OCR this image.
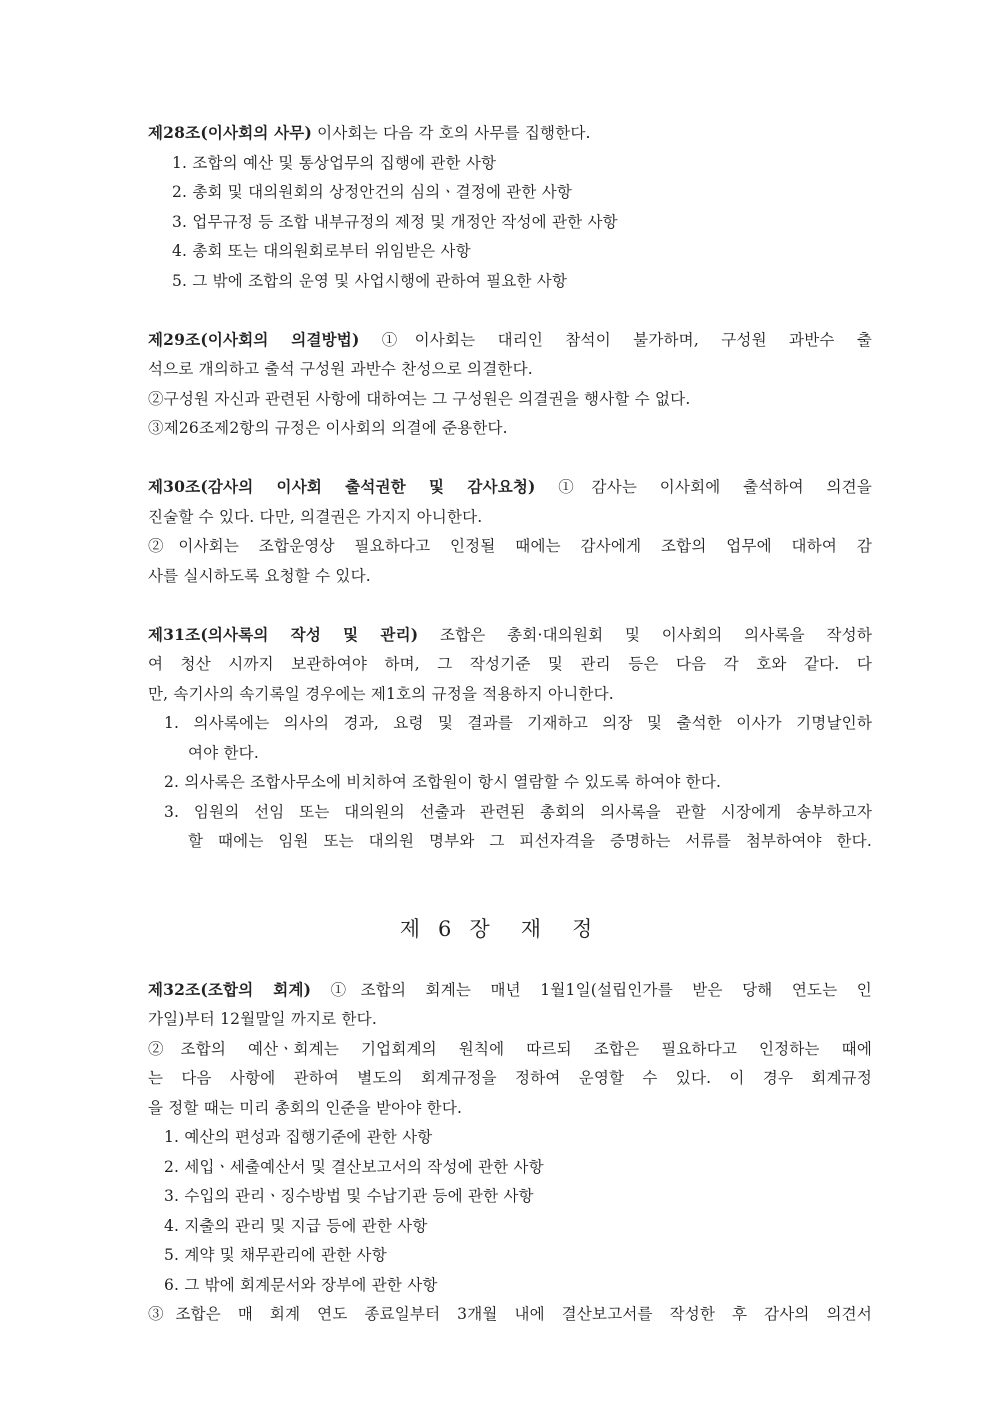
제28조(이사회의 사무) 이사회는 다음 각 호의 사무를 집행한다.
1. 조합의 예산 및 통상업무의 집행에 관한 사항
2. 총회 및 대의원회의 상정안건의 심의ㆍ결정에 관한 사항
3. 업무규정 등 조합 내부규정의 제정 및 개정안 작성에 관한 사항
4. 총회 또는 대의원회로부터 위임받은 사항
5. 그 밖에 조합의 운영 및 사업시행에 관하여 필요한 사항
제29조(이사회의 의결방법) ①이사회는 대리인 참석이 불가하며, 구성원 과반수 출
석으로 개의하고 출석 구성원 과반수 찬성으로 의결한다.
②구성원 자신과 관련된 사항에 대하여는 그 구성원은 의결권을 행사할 수 없다.
③제26조제2항의 규정은 이사회의 의결에 준용한다.
제30조(감사의 이사회 출석권한 및 감사요청) ①감사는 이사회에 출석하여 의견을
진술할 수 있다. 다만, 의결권은 가지지 아니한다.
②이사회는 조합운영상 필요하다고 인정될 때에는 감사에게 조합의 업무에 대하여 감
사를 실시하도록 요청할 수 있다.
제31조(의사록의 작성 및 관리) 조합은 총회·대의원회 및 이사회의 의사록을 작성하
여 청산 시까지 보관하여야 하며, 그 작성기준 및 관리 등은 다음 각 호와 같다. 다
만, 속기사의 속기록일 경우에는 제1호의 규정을 적용하지 아니한다.
1. 의사록에는 의사의 경과, 요령 및 결과를 기재하고 의장 및 출석한 이사가 기명날인하
여야 한다.
2. 의사록은 조합사무소에 비치하여 조합원이 항시 열람할 수 있도록 하여야 한다.
3. 임원의 선임 또는 대의원의 선출과 관련된 총회의 의사록을 관할 시장에게 송부하고자
할 때에는 임원 또는 대의원 명부와 그 피선자격을 증명하는 서류를 첨부하여야 한다.
제 6 장 재 정
제32조(조합의 회계) ①조합의 회계는 매년 1월1일(설립인가를 받은 당해 연도는 인
가일)부터 12월말일 까지로 한다.
②조합의 예산ㆍ회계는 기업회계의 원칙에 따르되 조합은 필요하다고 인정하는 때에
는 다음 사항에 관하여 별도의 회계규정을 정하여 운영할 수 있다. 이 경우 회계규정
을 정할 때는 미리 총회의 인준을 받아야 한다.
1. 예산의 편성과 집행기준에 관한 사항
2. 세입ㆍ세출예산서 및 결산보고서의 작성에 관한 사항
3. 수입의 관리ㆍ징수방법 및 수납기관 등에 관한 사항
4. 지출의 관리 및 지급 등에 관한 사항
5. 계약 및 채무관리에 관한 사항
6. 그 밖에 회계문서와 장부에 관한 사항
③조합은 매 회계 연도 종료일부터 3개월 내에 결산보고서를 작성한 후 감사의 의견서
